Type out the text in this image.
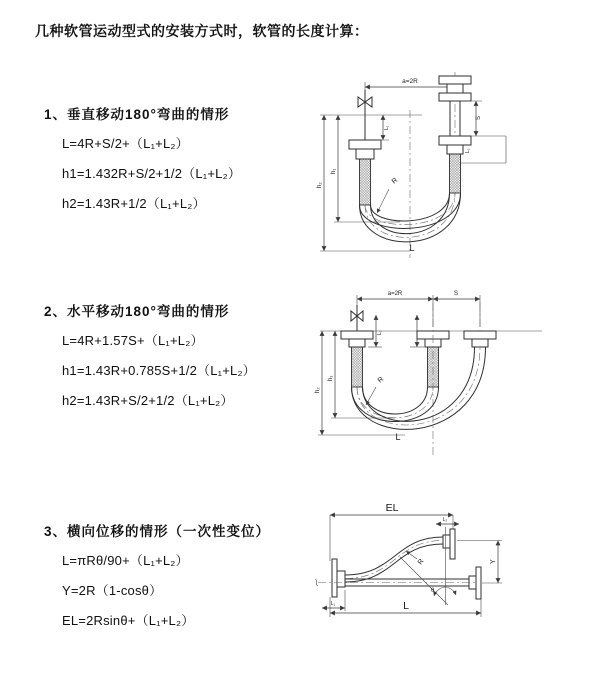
几种软管运动型式的安装方式时，软管的长度计算：
1、垂直移动180°弯曲的情形
L=4R+S/2+（L₁+L₂）
h1=1.432R+S/2+1/2（L₁+L₂）
h2=1.43R+1/2（L₁+L₂）
2、水平移动180°弯曲的情形
L=4R+1.57S+（L₁+L₂）
h1=1.43R+0.785S+1/2（L₁+L₂）
h2=1.43R+S/2+1/2（L₁+L₂）
3、横向位移的情形（一次性变位）
L=πRθ/90+（L₁+L₂）
Y=2R（1-cosθ）
EL=2Rsinθ+（L₁+L₂）
a=2R
h₂
h₁
L₁
S
L₂
R
L
a=2R	S
h₂
h₁
L₁
R
L
EL
L₂
θ
R	Y
L₁	L
